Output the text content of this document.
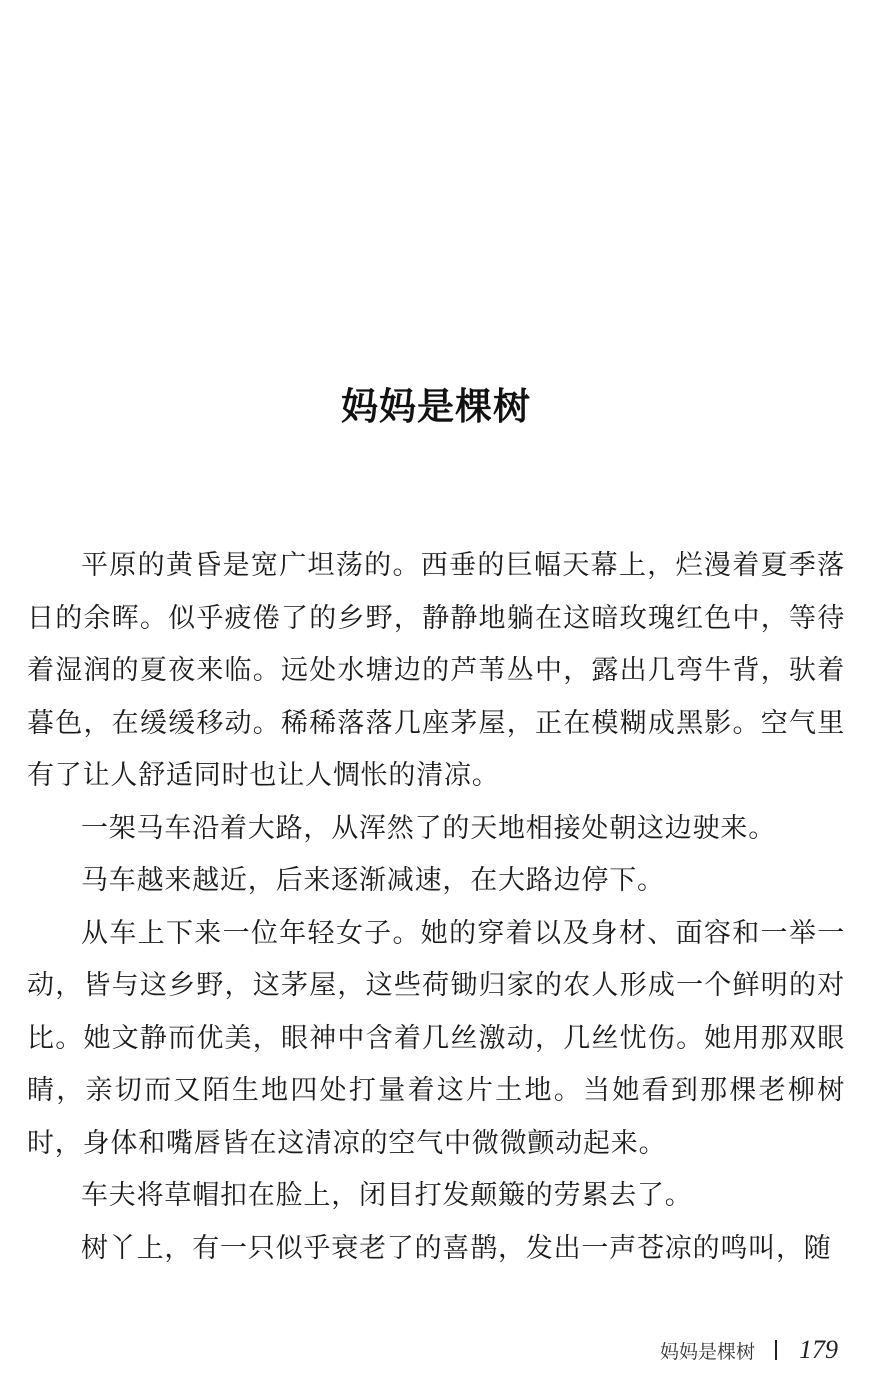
妈妈是棵树

平原的黄昏是宽广坦荡的。西垂的巨幅天幕上，烂漫着夏季落日的余晖。似乎疲倦了的乡野，静静地躺在这暗玫瑰红色中，等待着湿润的夏夜来临。远处水塘边的芦苇丛中，露出几弯牛背，驮着暮色，在缓缓移动。稀稀落落几座茅屋，正在模糊成黑影。空气里有了让人舒适同时也让人惆怅的清凉。

一架马车沿着大路，从浑然了的天地相接处朝这边驶来。

马车越来越近，后来逐渐减速，在大路边停下。

从车上下来一位年轻女子。她的穿着以及身材、面容和一举一动，皆与这乡野，这茅屋，这些荷锄归家的农人形成一个鲜明的对比。她文静而优美，眼神中含着几丝激动，几丝忧伤。她用那双眼睛，亲切而又陌生地四处打量着这片土地。当她看到那棵老柳树时，身体和嘴唇皆在这清凉的空气中微微颤动起来。

车夫将草帽扣在脸上，闭目打发颠簸的劳累去了。

树丫上，有一只似乎衰老了的喜鹊，发出一声苍凉的鸣叫，随

妈妈是棵树 179
